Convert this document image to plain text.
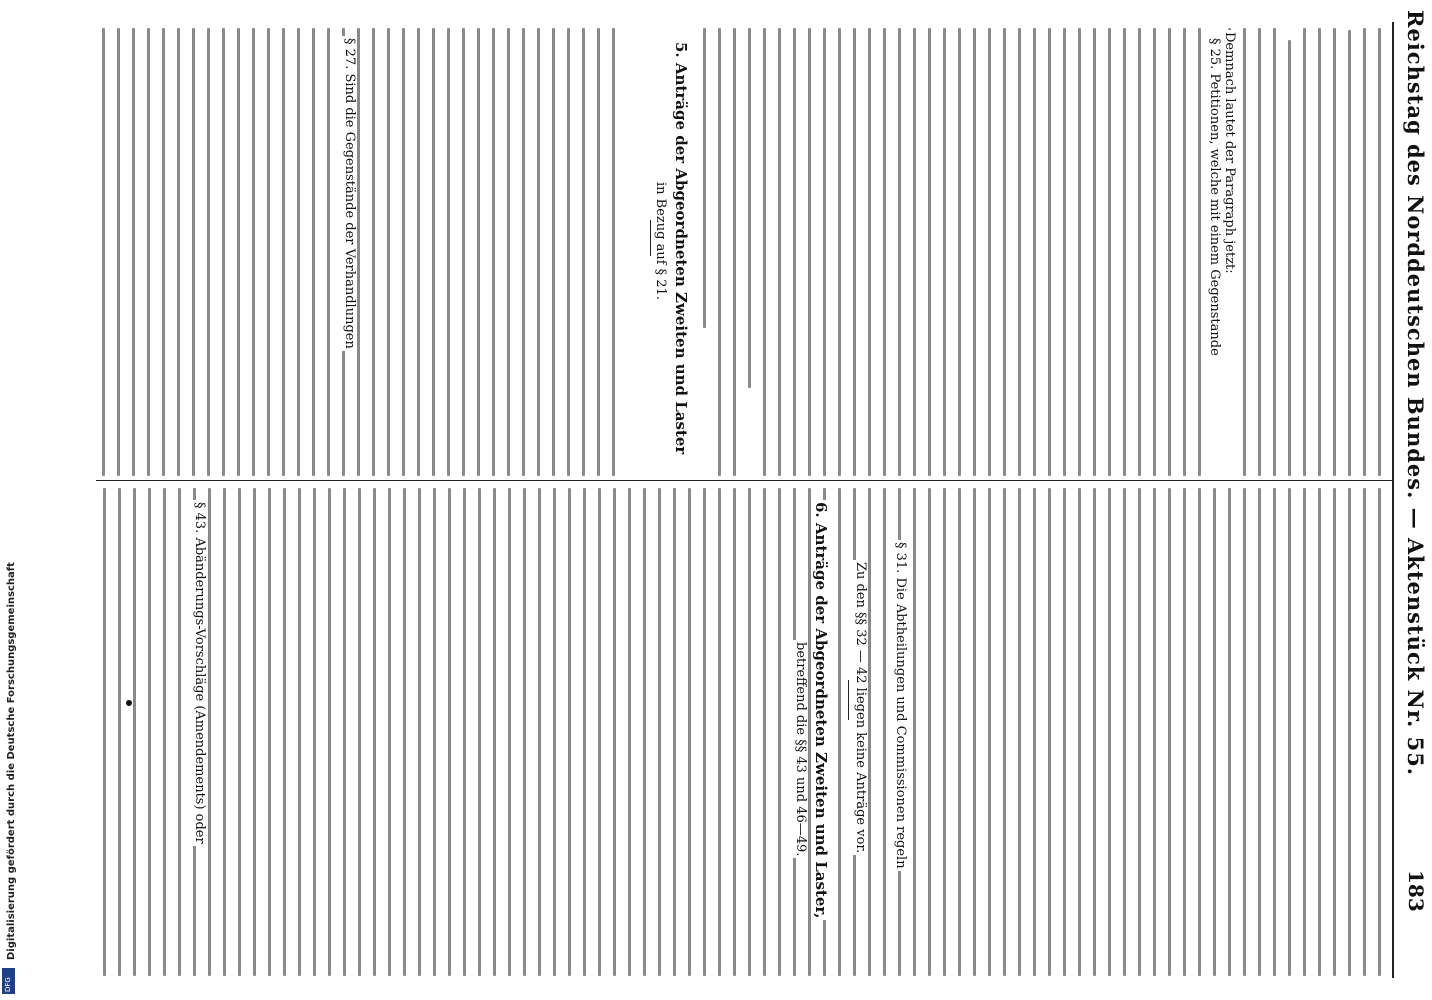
Reichstag des Norddeutschen Bundes. — Aktenstück Nr. 55.
183
Demnach lautet der Paragraph jetzt:
§ 25. Petitionen, welche mit einem Gegenstande
5. Anträge der Abgeordneten Zweiten und Laster
in Bezug auf § 21.
§ 27. Sind die Gegenstände der Verhandlungen
§ 31. Die Abtheilungen und Commissionen regeln
Zu den §§ 32 — 42 liegen keine Anträge vor.
6. Anträge der Abgeordneten Zweiten und Laster,
betreffend die §§ 43 und 46—49.
§ 43. Abänderungs-Vorschläge (Amendements) oder
Digitalisierung gefördert durch die Deutsche Forschungsgemeinschaft
DFG
